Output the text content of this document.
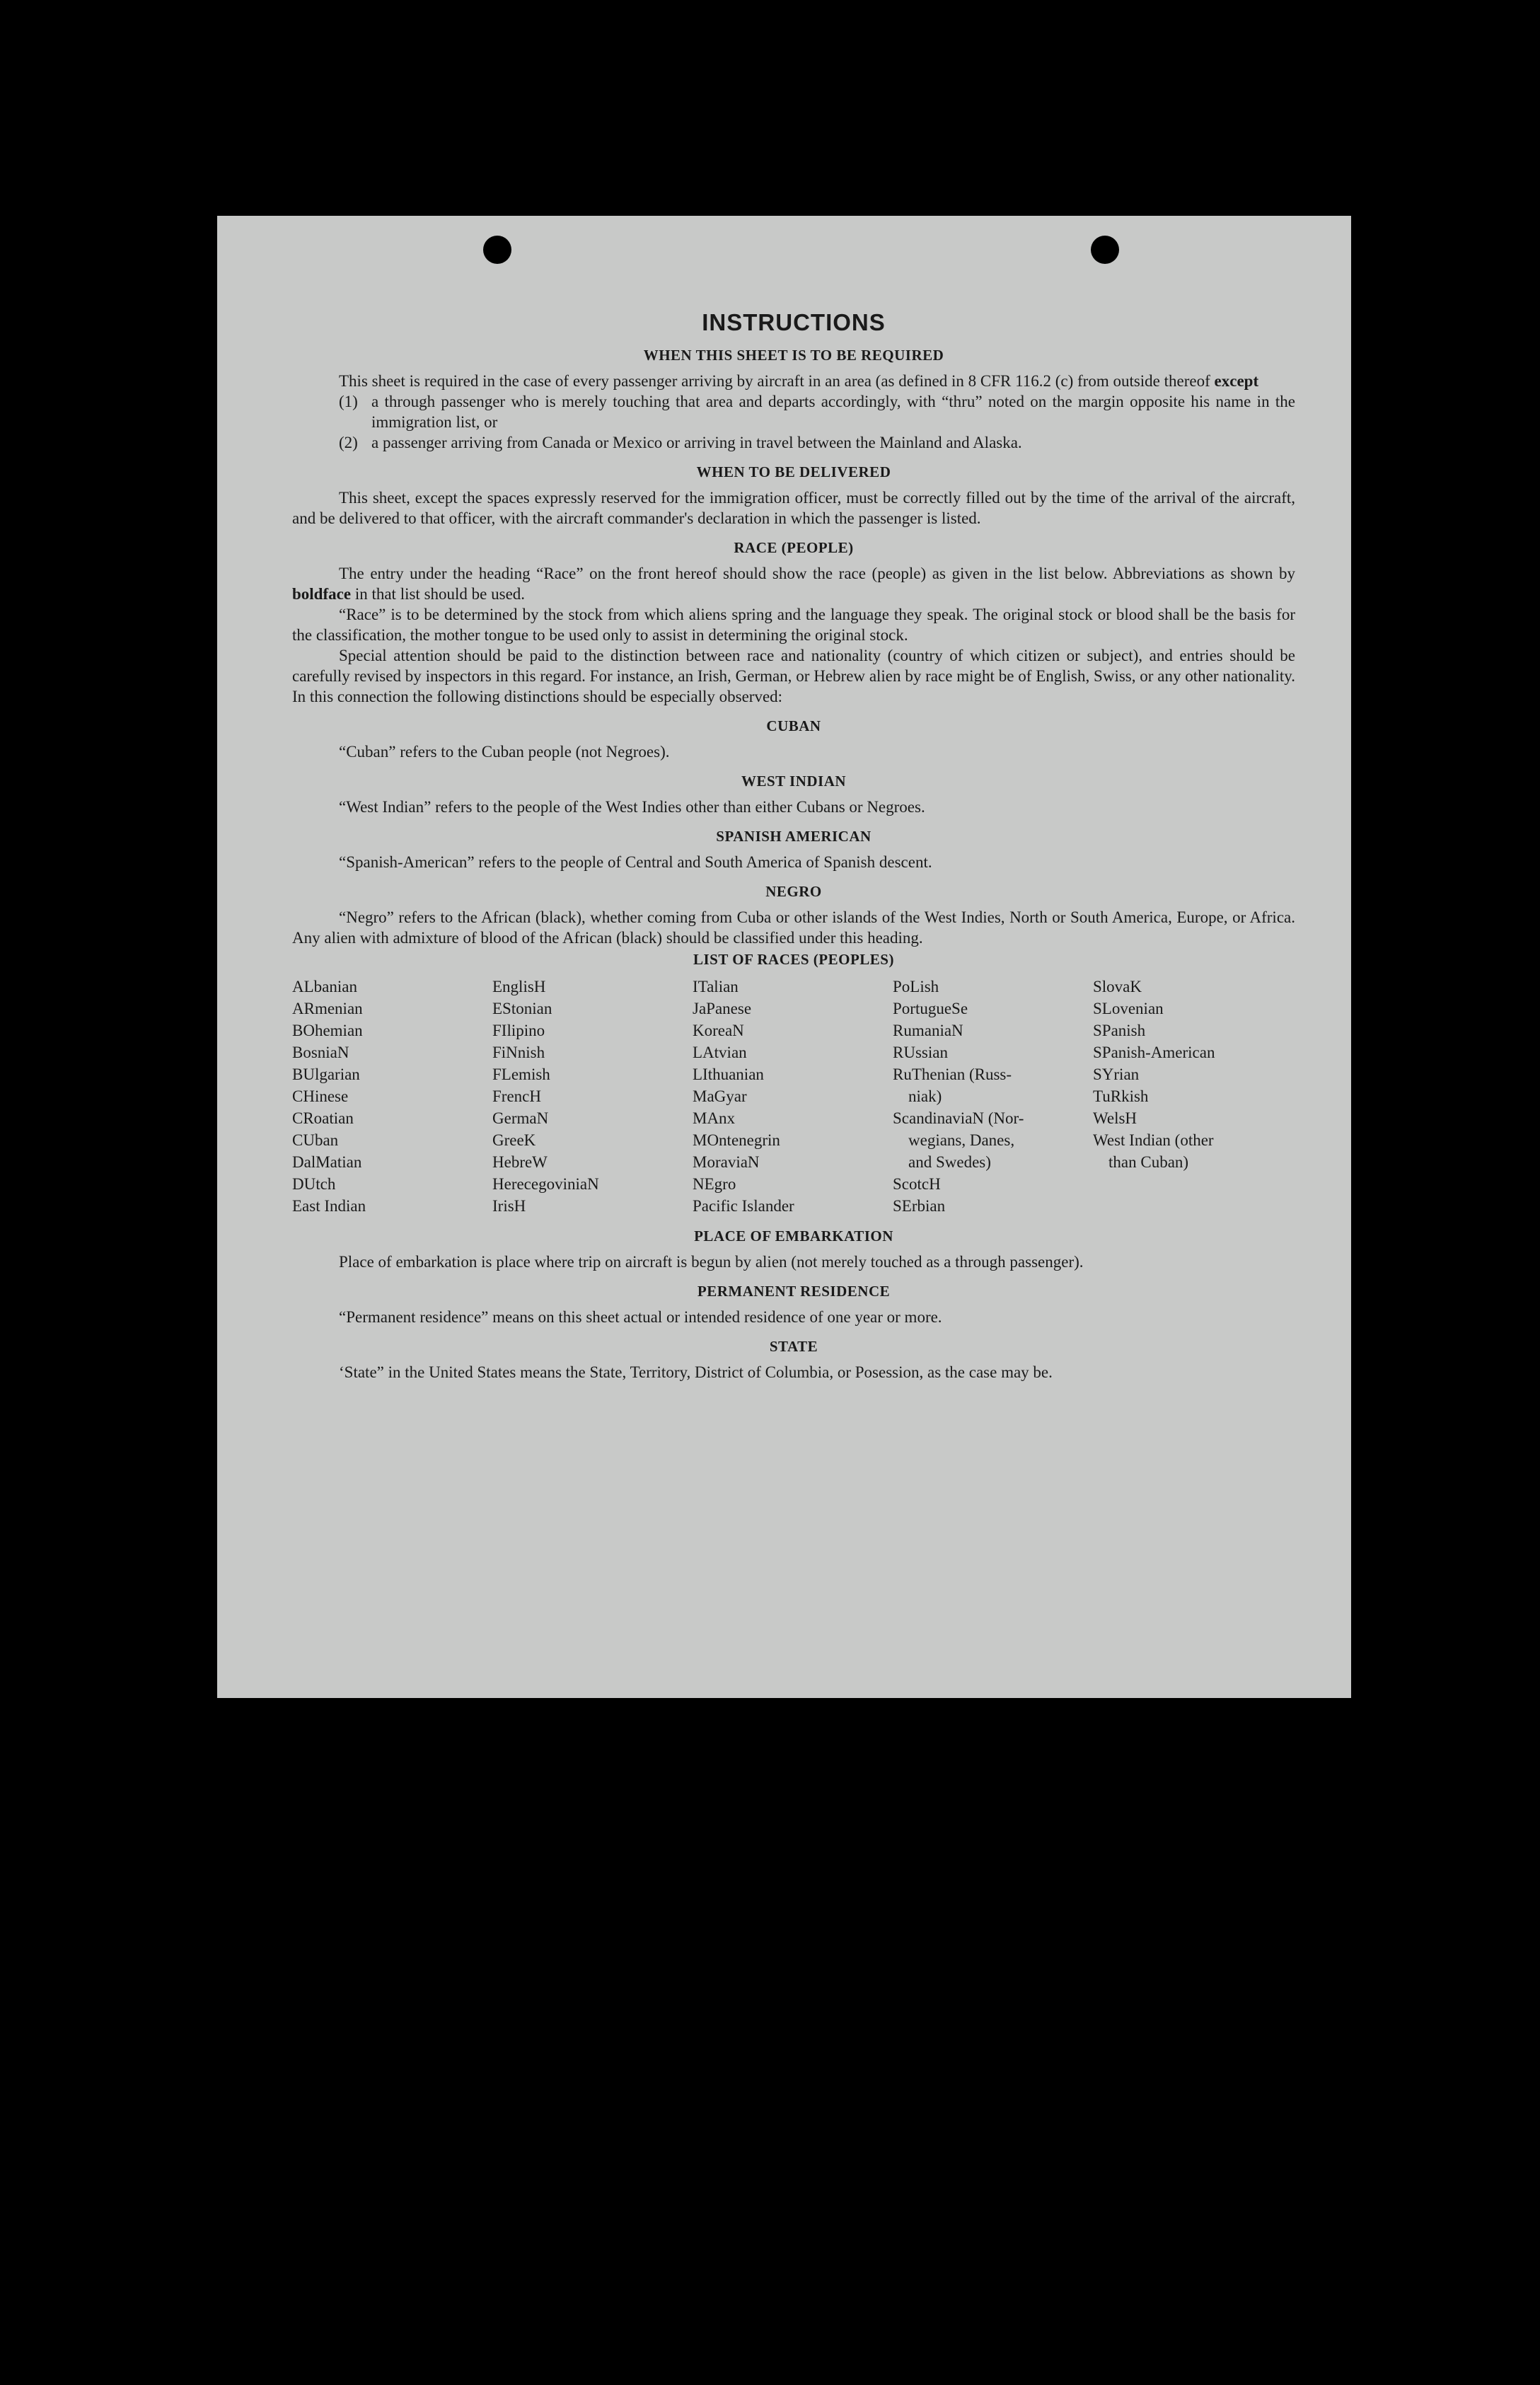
INSTRUCTIONS
WHEN THIS SHEET IS TO BE REQUIRED

This sheet is required in the case of every passenger arriving by aircraft in an area (as defined in 8 CFR 116.2 (c) from outside thereof except

(1) a through passenger who is merely touching that area and departs accordingly, with “thru” noted on the margin opposite his name in the immigration list, or
(2) a passenger arriving from Canada or Mexico or arriving in travel between the Mainland and Alaska.
WHEN TO BE DELIVERED

This sheet, except the spaces expressly reserved for the immigration officer, must be correctly filled out by the time of the arrival of the aircraft, and be delivered to that officer, with the aircraft commander's declaration in which the passenger is listed.

RACE (PEOPLE)

The entry under the heading “Race” on the front hereof should show the race (people) as given in the list below. Abbreviations as shown by boldface in that list should be used.

“Race” is to be determined by the stock from which aliens spring and the language they speak. The original stock or blood shall be the basis for the classification, the mother tongue to be used only to assist in determining the original stock.

Special attention should be paid to the distinction between race and nationality (country of which citizen or subject), and entries should be carefully revised by inspectors in this regard. For instance, an Irish, German, or Hebrew alien by race might be of English, Swiss, or any other nationality. In this connection the following distinctions should be especially observed:

CUBAN

“Cuban” refers to the Cuban people (not Negroes).

WEST INDIAN

“West Indian” refers to the people of the West Indies other than either Cubans or Negroes.

SPANISH AMERICAN

“Spanish-American” refers to the people of Central and South America of Spanish descent.

NEGRO

“Negro” refers to the African (black), whether coming from Cuba or other islands of the West Indies, North or South America, Europe, or Africa. Any alien with admixture of blood of the African (black) should be classified under this heading.

LIST OF RACES (PEOPLES)
ALbanian
ARmenian
BOhemian
BosniaN
BUlgarian
CHinese
CRoatian
CUban
DalMatian
DUtch
East Indian
EnglisH
EStonian
FIlipino
FiNnish
FLemish
FrencH
GermaN
GreeK
HebreW
HerecegoviniaN
IrisH
ITalian
JaPanese
KoreaN
LAtvian
LIthuanian
MaGyar
MAnx
MOntenegrin
MoraviaN
NEgro
Pacific Islander
PoLish
PortugueSe
RumaniaN
RUssian
RuThenian (Russ-
niak)
ScandinaviaN (Nor-
wegians, Danes,
and Swedes)
ScotcH
SErbian
SlovaK
SLovenian
SPanish
SPanish-American
SYrian
TuRkish
WelsH
West Indian (other
than Cuban)
PLACE OF EMBARKATION

Place of embarkation is place where trip on aircraft is begun by alien (not merely touched as a through passenger).

PERMANENT RESIDENCE

“Permanent residence” means on this sheet actual or intended residence of one year or more.

STATE

‘State” in the United States means the State, Territory, District of Columbia, or Posession, as the case may be.
